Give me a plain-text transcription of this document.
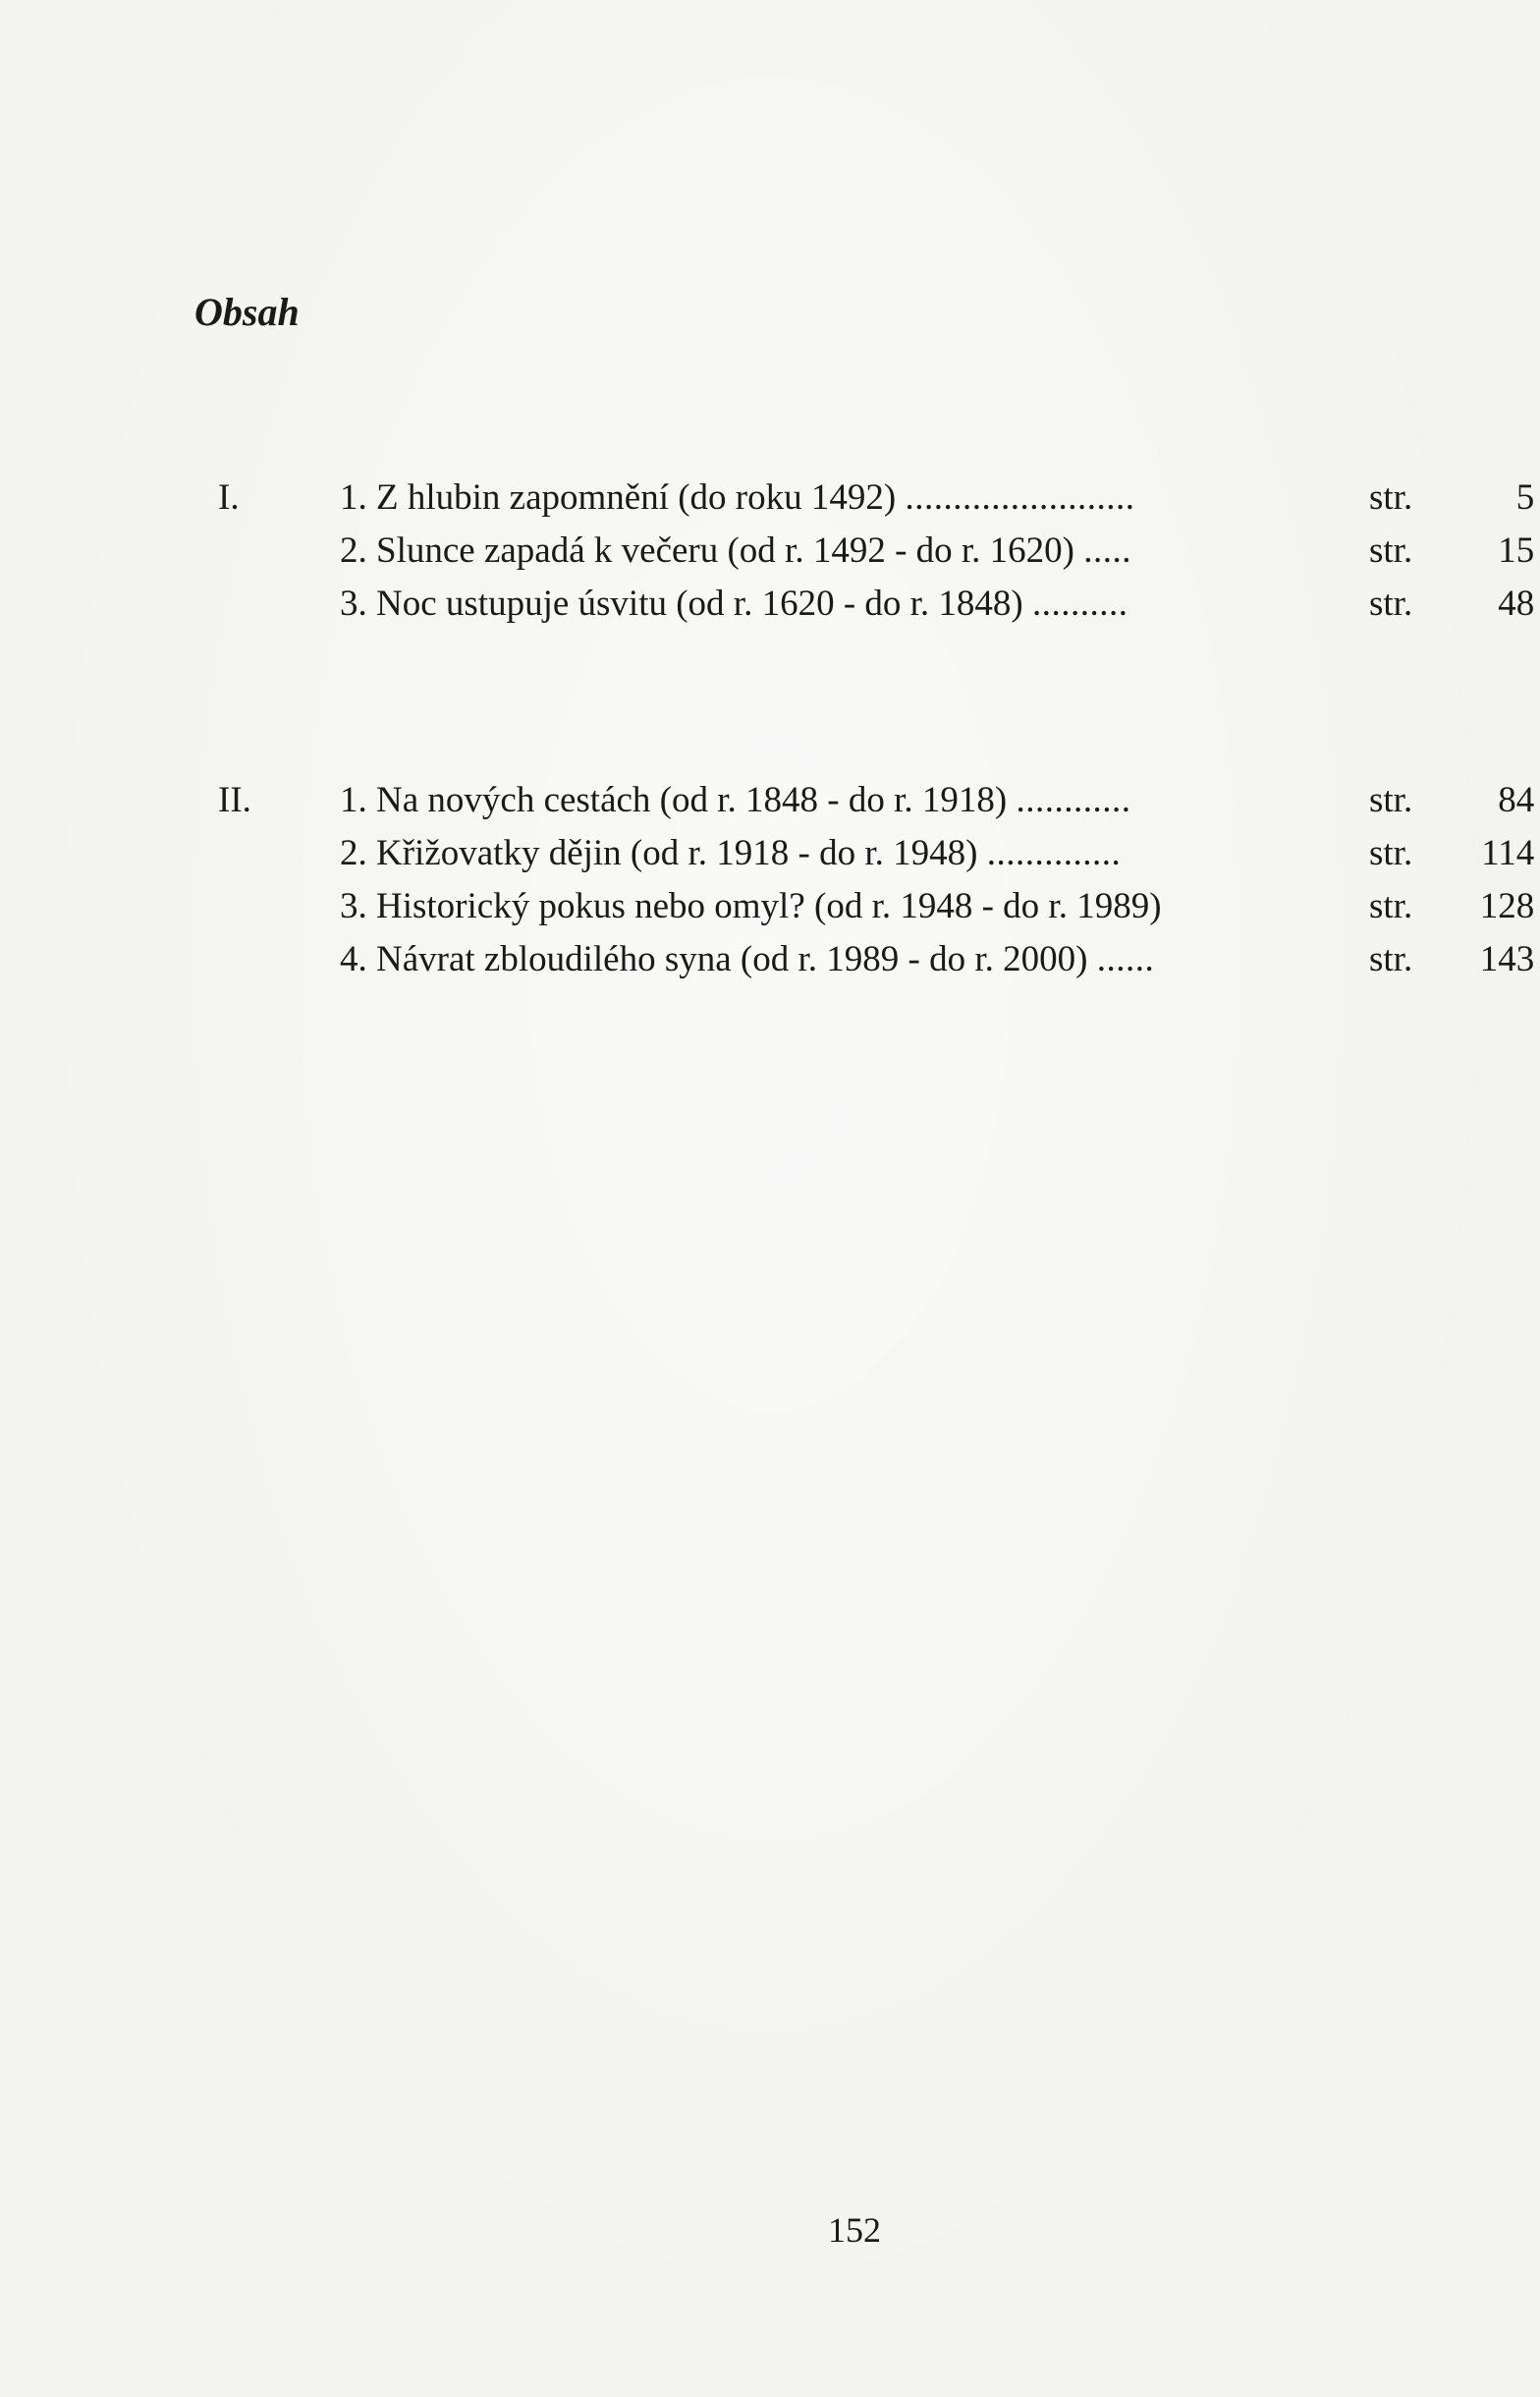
Obsah
I.	1. Z hlubin zapomnění (do roku 1492) ........................	str.	5
2. Slunce zapadá k večeru (od r. 1492 - do r. 1620) .....	str. 15
3. Noc ustupuje úsvitu (od r. 1620 - do r. 1848) ..........	str. 48
II. 1. Na nových cestách (od r. 1848 - do r. 1918) ............	str. 84
2. Křižovatky dějin (od r. 1918 - do r. 1948) ..............	str. 114
3. Historický pokus nebo omyl? (od r. 1948 - do r. 1989)	str. 128
4. Návrat zbloudilého syna (od r. 1989 - do r. 2000) ......	str. 143
152
